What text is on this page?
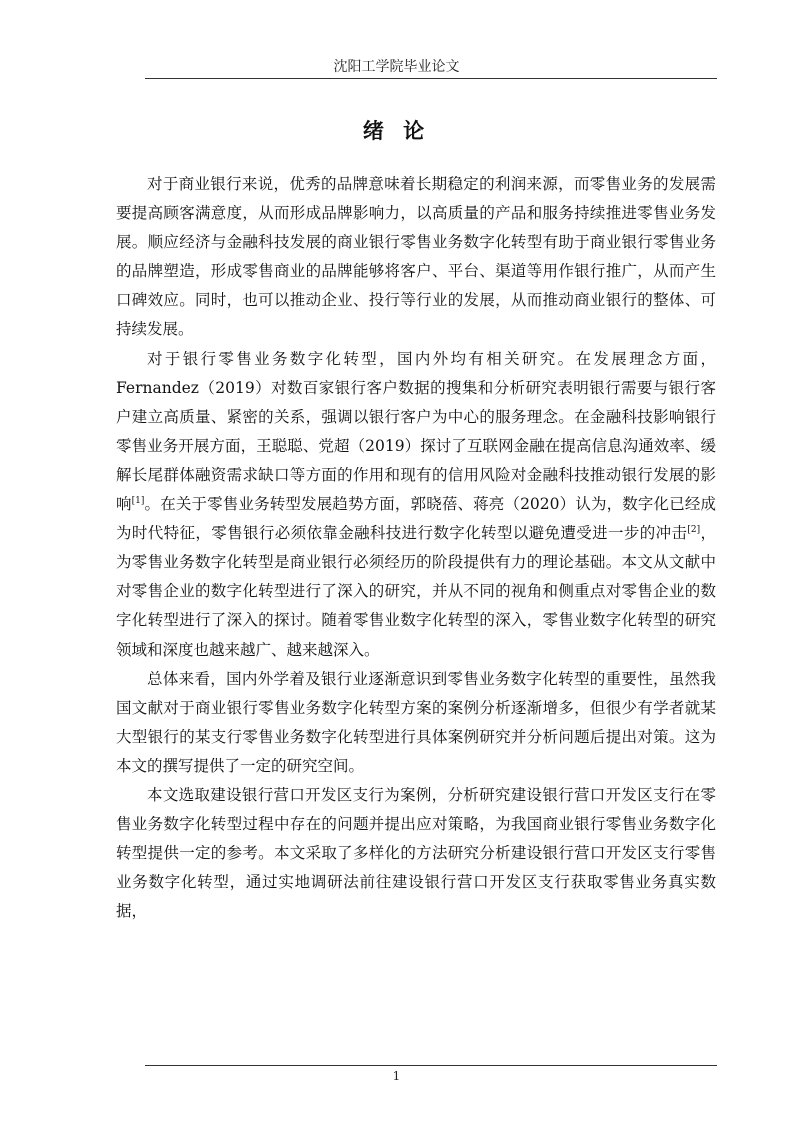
沈阳工学院毕业论文
绪 论

对于商业银行来说，优秀的品牌意味着长期稳定的利润来源，而零售业务的发展需要提高顾客满意度，从而形成品牌影响力，以高质量的产品和服务持续推进零售业务发展。顺应经济与金融科技发展的商业银行零售业务数字化转型有助于商业银行零售业务的品牌塑造，形成零售商业的品牌能够将客户、平台、渠道等用作银行推广，从而产生口碑效应。同时，也可以推动企业、投行等行业的发展，从而推动商业银行的整体、可持续发展。

对于银行零售业务数字化转型，国内外均有相关研究。在发展理念方面，Fernandez（2019）对数百家银行客户数据的搜集和分析研究表明银行需要与银行客户建立高质量、紧密的关系，强调以银行客户为中心的服务理念。在金融科技影响银行零售业务开展方面，王聪聪、党超（2019）探讨了互联网金融在提高信息沟通效率、缓解长尾群体融资需求缺口等方面的作用和现有的信用风险对金融科技推动银行发展的影响[1]。在关于零售业务转型发展趋势方面，郭晓蓓、蒋亮（2020）认为，数字化已经成为时代特征，零售银行必须依靠金融科技进行数字化转型以避免遭受进一步的冲击[2]，为零售业务数字化转型是商业银行必须经历的阶段提供有力的理论基础。本文从文献中对零售企业的数字化转型进行了深入的研究，并从不同的视角和侧重点对零售企业的数字化转型进行了深入的探讨。随着零售业数字化转型的深入，零售业数字化转型的研究领域和深度也越来越广、越来越深入。

总体来看，国内外学着及银行业逐渐意识到零售业务数字化转型的重要性，虽然我国文献对于商业银行零售业务数字化转型方案的案例分析逐渐增多，但很少有学者就某大型银行的某支行零售业务数字化转型进行具体案例研究并分析问题后提出对策。这为本文的撰写提供了一定的研究空间。

本文选取建设银行营口开发区支行为案例，分析研究建设银行营口开发区支行在零售业务数字化转型过程中存在的问题并提出应对策略，为我国商业银行零售业务数字化转型提供一定的参考。本文采取了多样化的方法研究分析建设银行营口开发区支行零售业务数字化转型，通过实地调研法前往建设银行营口开发区支行获取零售业务真实数据，

1
